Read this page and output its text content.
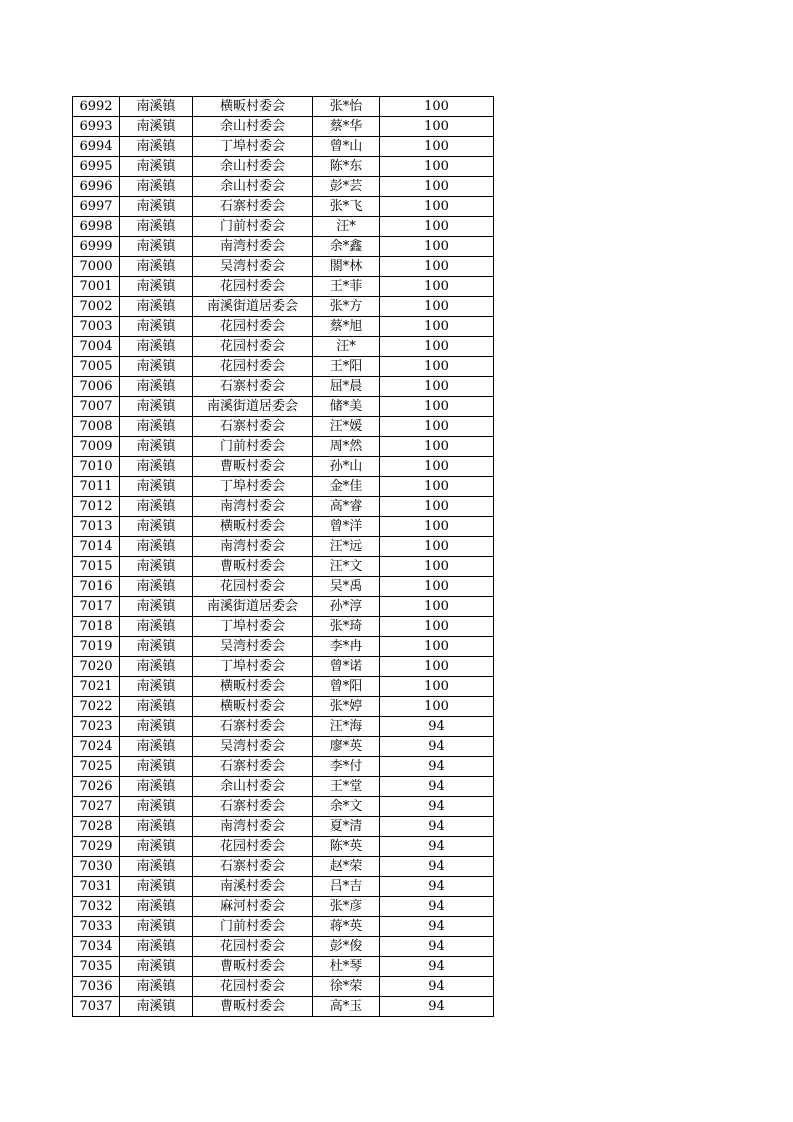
6992	南溪镇	横畈村委会	张*怡	100
6993	南溪镇	余山村委会	蔡*华	100
6994	南溪镇	丁埠村委会	曾*山	100
6995	南溪镇	余山村委会	陈*东	100
6996	南溪镇	余山村委会	彭*芸	100
6997	南溪镇	石寨村委会	张*飞	100
6998	南溪镇	门前村委会	汪*	100
6999	南溪镇	南湾村委会	余*鑫	100
7000	南溪镇	吴湾村委会	閤*林	100
7001	南溪镇	花园村委会	王*菲	100
7002	南溪镇	南溪街道居委会	张*方	100
7003	南溪镇	花园村委会	蔡*旭	100
7004	南溪镇	花园村委会	汪*	100
7005	南溪镇	花园村委会	王*阳	100
7006	南溪镇	石寨村委会	屈*晨	100
7007	南溪镇	南溪街道居委会	储*美	100
7008	南溪镇	石寨村委会	汪*媛	100
7009	南溪镇	门前村委会	周*然	100
7010	南溪镇	曹畈村委会	孙*山	100
7011	南溪镇	丁埠村委会	金*佳	100
7012	南溪镇	南湾村委会	高*睿	100
7013	南溪镇	横畈村委会	曾*洋	100
7014	南溪镇	南湾村委会	汪*远	100
7015	南溪镇	曹畈村委会	汪*文	100
7016	南溪镇	花园村委会	吴*禹	100
7017	南溪镇	南溪街道居委会	孙*淳	100
7018	南溪镇	丁埠村委会	张*琦	100
7019	南溪镇	吴湾村委会	李*冉	100
7020	南溪镇	丁埠村委会	曾*诺	100
7021	南溪镇	横畈村委会	曾*阳	100
7022	南溪镇	横畈村委会	张*婷	100
7023	南溪镇	石寨村委会	汪*海	94
7024	南溪镇	吴湾村委会	廖*英	94
7025	南溪镇	石寨村委会	李*付	94
7026	南溪镇	余山村委会	王*堂	94
7027	南溪镇	石寨村委会	余*文	94
7028	南溪镇	南湾村委会	夏*清	94
7029	南溪镇	花园村委会	陈*英	94
7030	南溪镇	石寨村委会	赵*荣	94
7031	南溪镇	南溪村委会	吕*吉	94
7032	南溪镇	麻河村委会	张*彦	94
7033	南溪镇	门前村委会	蒋*英	94
7034	南溪镇	花园村委会	彭*俊	94
7035	南溪镇	曹畈村委会	杜*琴	94
7036	南溪镇	花园村委会	徐*荣	94
7037	南溪镇	曹畈村委会	高*玉	94
